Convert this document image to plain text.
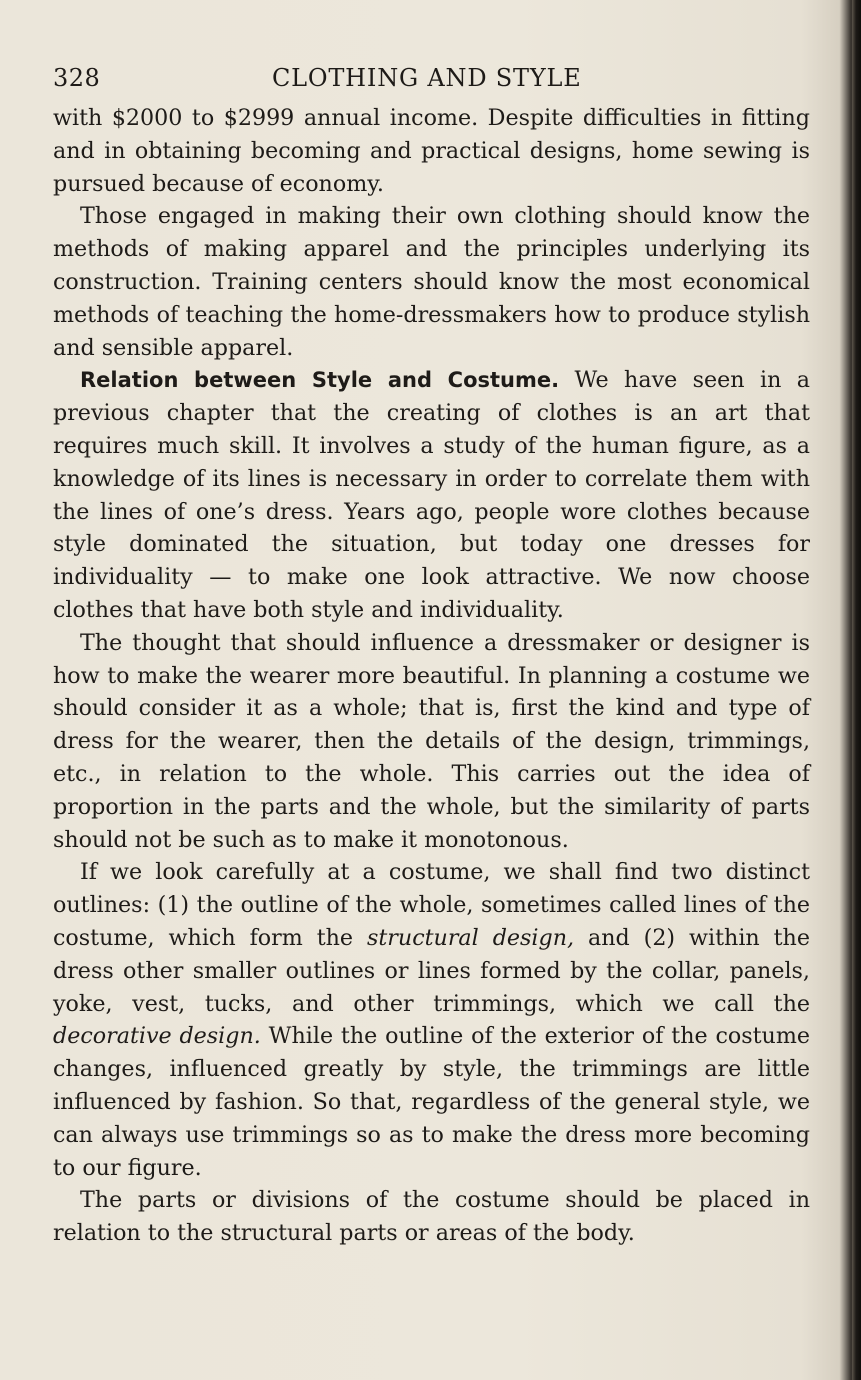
328	CLOTHING AND STYLE

with $2000 to $2999 annual income. Despite difficulties in fitting and in obtaining becoming and practical designs, home sewing is pursued because of economy.

Those engaged in making their own clothing should know the methods of making apparel and the principles underlying its construction. Training centers should know the most economical methods of teaching the home-dressmakers how to produce stylish and sensible apparel.

Relation between Style and Costume. We have seen in a previous chapter that the creating of clothes is an art that requires much skill. It involves a study of the human figure, as a knowledge of its lines is necessary in order to correlate them with the lines of one’s dress. Years ago, people wore clothes because style dominated the situation, but today one dresses for individuality — to make one look attractive. We now choose clothes that have both style and individuality.

The thought that should influence a dressmaker or designer is how to make the wearer more beautiful. In planning a costume we should consider it as a whole; that is, first the kind and type of dress for the wearer, then the details of the design, trimmings, etc., in relation to the whole. This carries out the idea of proportion in the parts and the whole, but the similarity of parts should not be such as to make it monotonous.

If we look carefully at a costume, we shall find two distinct outlines: (1) the outline of the whole, sometimes called lines of the costume, which form the structural design, and (2) within the dress other smaller outlines or lines formed by the collar, panels, yoke, vest, tucks, and other trimmings, which we call the decorative design. While the outline of the exterior of the costume changes, influenced greatly by style, the trimmings are little influenced by fashion. So that, regardless of the general style, we can always use trimmings so as to make the dress more becoming to our figure.

The parts or divisions of the costume should be placed in relation to the structural parts or areas of the body.
